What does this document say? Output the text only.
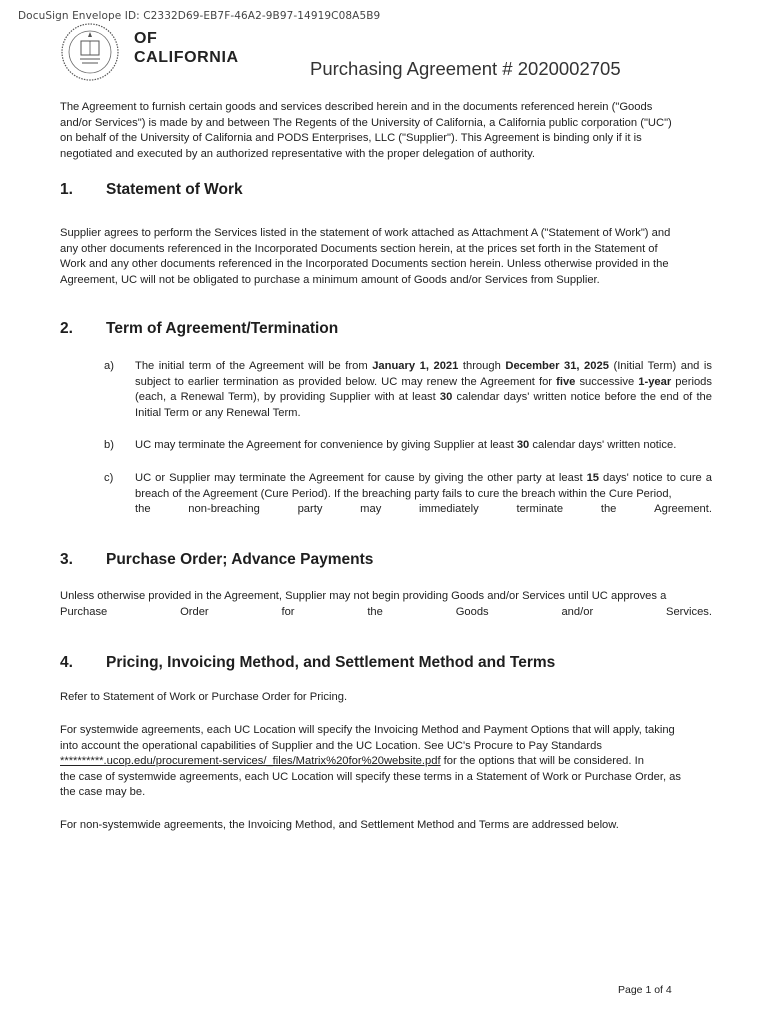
DocuSign Envelope ID: C2332D69-EB7F-46A2-9B97-14919C08A5B9
OF
CALIFORNIA
Purchasing Agreement # 2020002705
The Agreement to furnish certain goods and services described herein and in the documents referenced herein ("Goods
and/or Services") is made by and between The Regents of the University of California, a California public corporation ("UC")
on behalf of the University of California and PODS Enterprises, LLC ("Supplier"). This Agreement is binding only if it is
negotiated and executed by an authorized representative with the proper delegation of authority.
1. Statement of Work
Supplier agrees to perform the Services listed in the statement of work attached as Attachment A ("Statement of Work") and
any other documents referenced in the Incorporated Documents section herein, at the prices set forth in the Statement of
Work and any other documents referenced in the Incorporated Documents section herein. Unless otherwise provided in the
Agreement, UC will not be obligated to purchase a minimum amount of Goods and/or Services from Supplier.
2. Term of Agreement/Termination
a) The initial term of the Agreement will be from January 1, 2021 through December 31, 2025 (Initial Term) and is subject to earlier termination as provided below. UC may renew the Agreement for five successive 1-year periods (each, a Renewal Term), by providing Supplier with at least 30 calendar days' written notice before the end of the Initial Term or any Renewal Term.
b) UC may terminate the Agreement for convenience by giving Supplier at least 30 calendar days' written notice.
c) UC or Supplier may terminate the Agreement for cause by giving the other party at least 15 days' notice to cure a breach of the Agreement (Cure Period). If the breaching party fails to cure the breach within the Cure Period,
the	non-breaching	party	may	immediately	terminate	the	Agreement.
3. Purchase Order; Advance Payments
Unless otherwise provided in the Agreement, Supplier may not begin providing Goods and/or Services until UC approves a
Purchase	Order	for	the	Goods	and/or	Services.
4. Pricing, Invoicing Method, and Settlement Method and Terms
Refer to Statement of Work or Purchase Order for Pricing.
For systemwide agreements, each UC Location will specify the Invoicing Method and Payment Options that will apply, taking
into account the operational capabilities of Supplier and the UC Location. See UC's Procure to Pay Standards
**********.ucop.edu/procurement-services/_files/Matrix%20for%20website.pdf for the options that will be considered. In
the case of systemwide agreements, each UC Location will specify these terms in a Statement of Work or Purchase Order, as
the case may be.
For non-systemwide agreements, the Invoicing Method, and Settlement Method and Terms are addressed below.
Page 1 of 4
